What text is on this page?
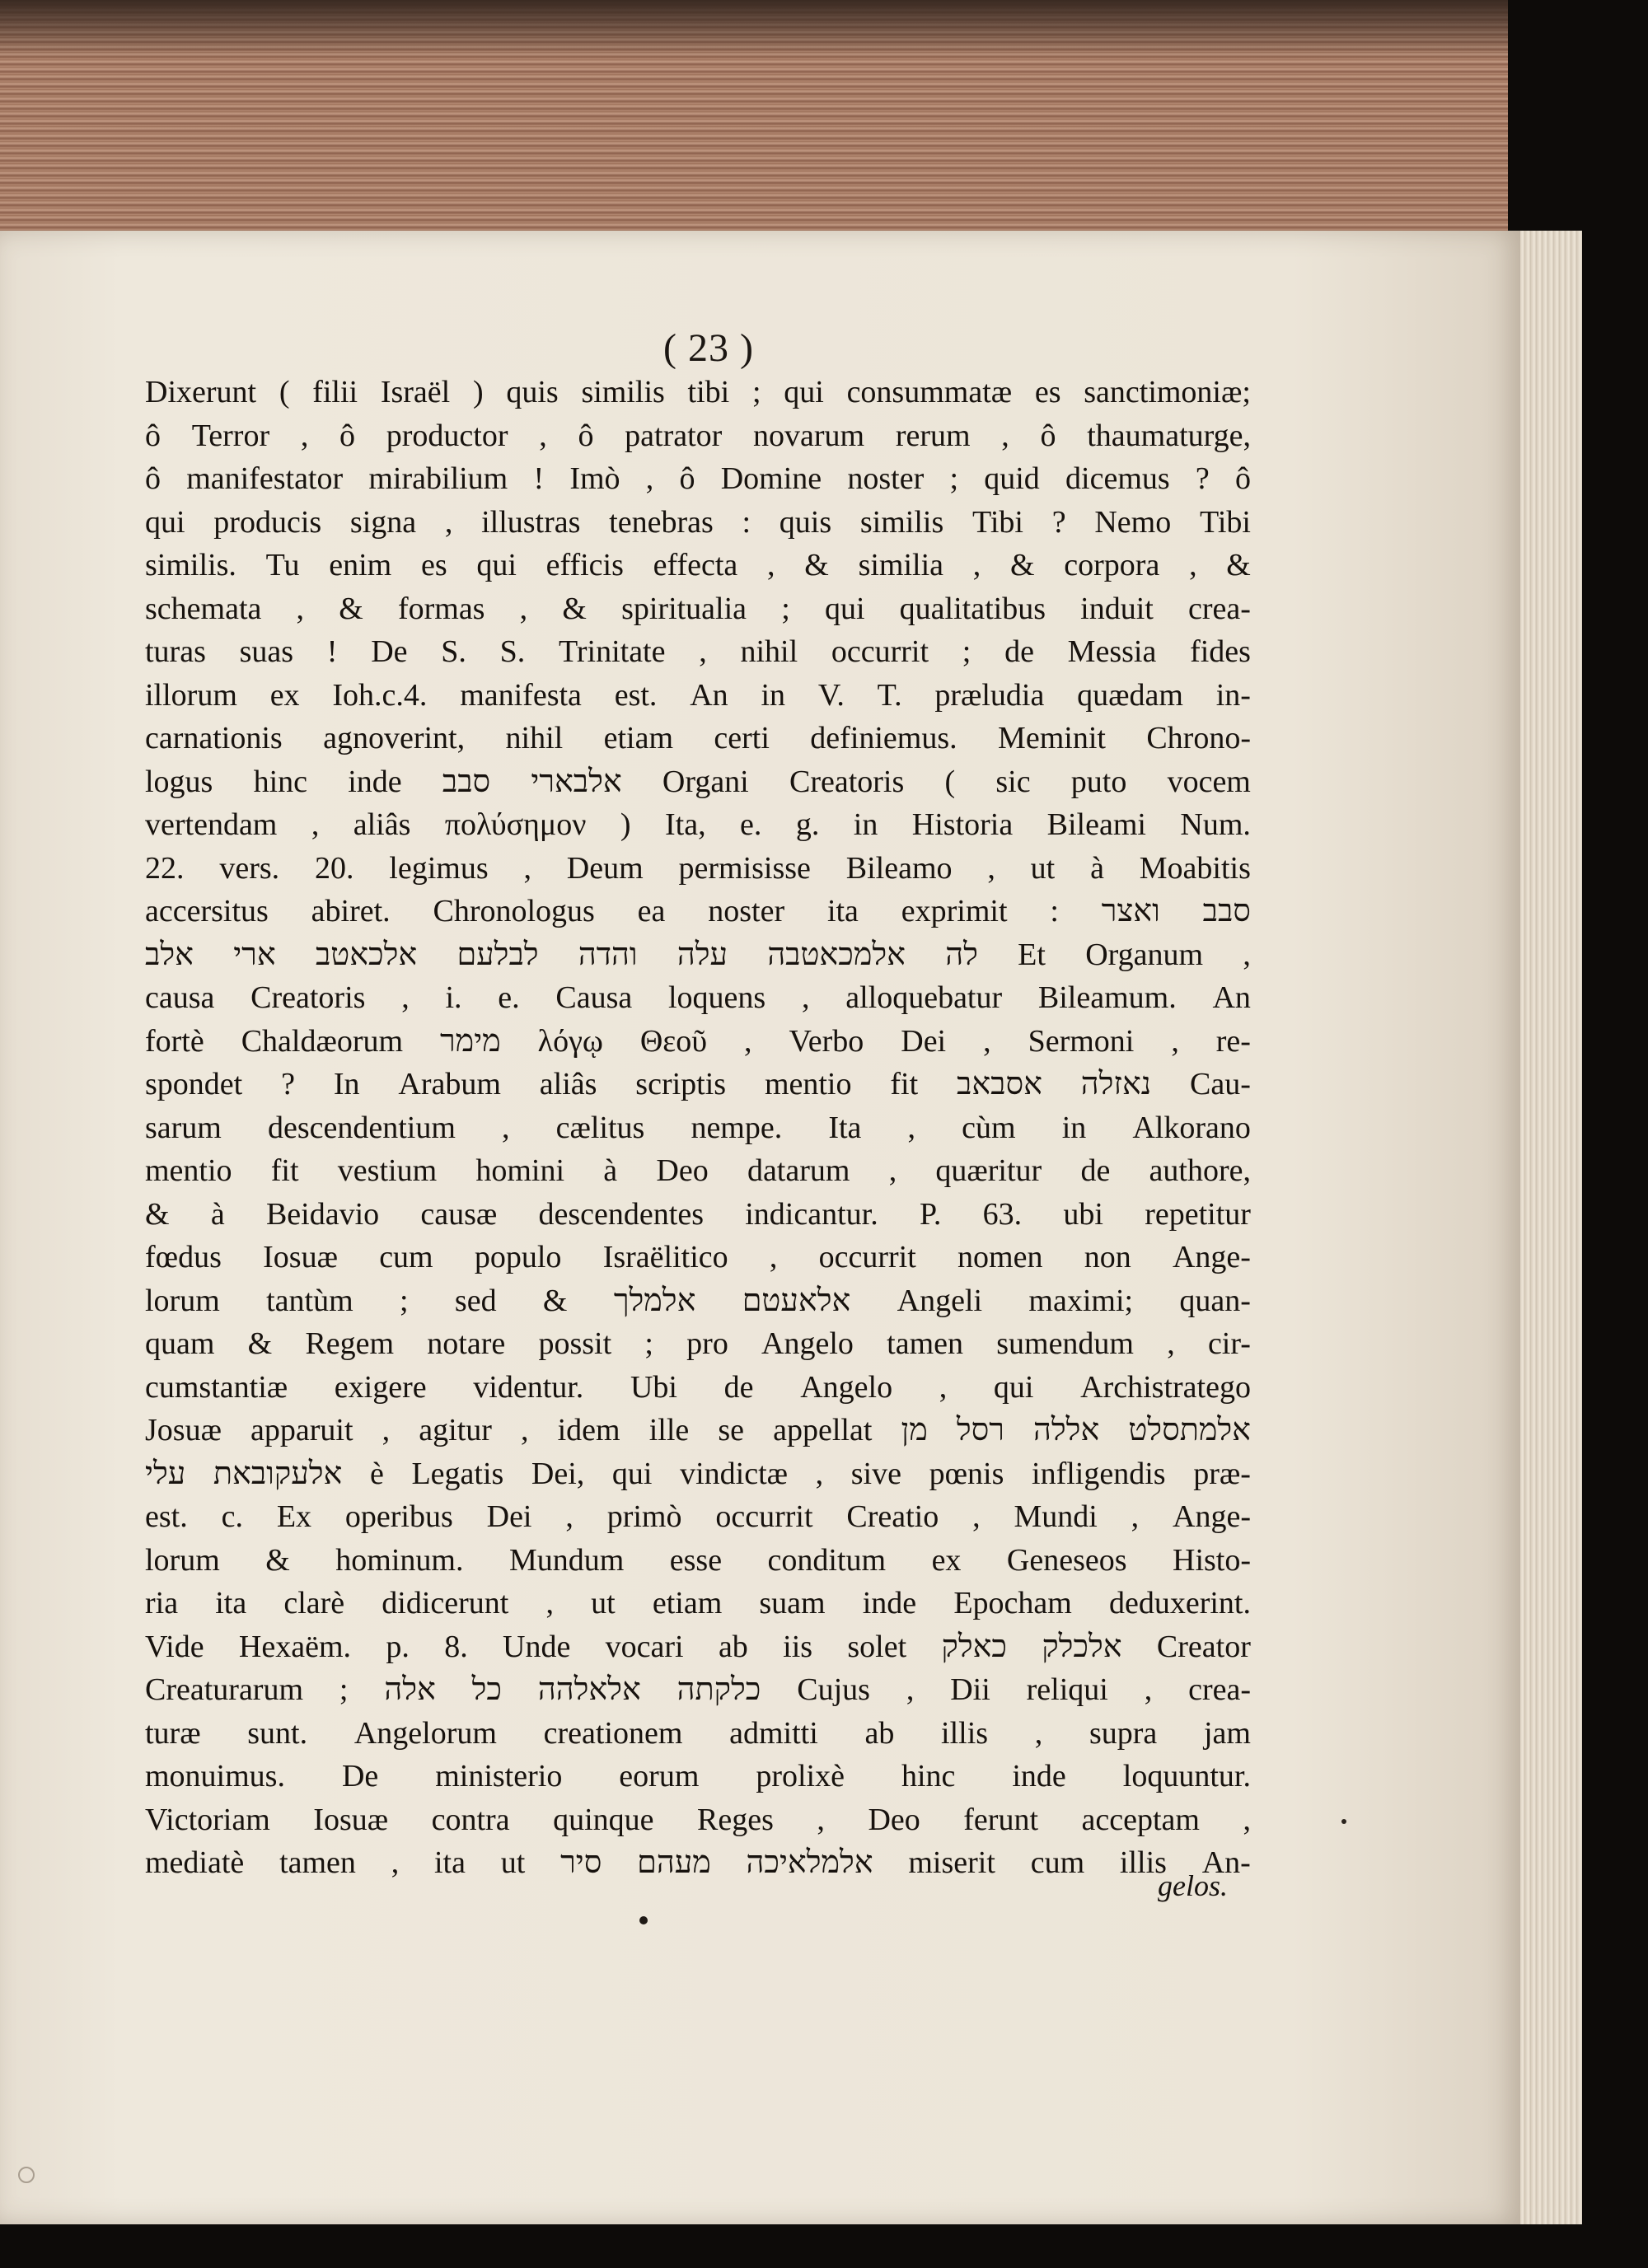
( 23 )
Dixerunt ( filii Israël ) quis similis tibi ; qui consummatæ es sanctimoniæ;
ô Terror , ô productor , ô patrator novarum rerum , ô thaumaturge,
ô manifestator mirabilium ! Imò , ô Domine noster ; quid dicemus ? ô
qui producis signa , illustras tenebras : quis similis Tibi ? Nemo Tibi
similis. Tu enim es qui efficis effecta , & similia , & corpora , &
schemata , & formas , & spiritualia ; qui qualitatibus induit crea-
turas suas ! De S. S. Trinitate , nihil occurrit ; de Messia fides
illorum ex Ioh.c.4. manifesta est. An in V. T. præludia quædam in-
carnationis agnoverint, nihil etiam certi definiemus. Meminit Chrono-
logus hinc inde סבב אלבארי Organi Creatoris ( sic puto vocem
vertendam , aliâs πολύσημον ) Ita, e. g. in Historia Bileami Num.
22. vers. 20. legimus , Deum permisisse Bileamo , ut à Moabitis
accersitus abiret. Chronologus ea noster ita exprimit : ואצר סבב
אלב ארי אלכאטב לבלעם והדה עלה אלמכאטבה לה Et Organum ,
causa Creatoris , i. e. Causa loquens , alloquebatur Bileamum. An
fortè Chaldæorum מימר λόγῳ Θεοῦ , Verbo Dei , Sermoni , re-
spondet ? In Arabum aliâs scriptis mentio fit אסבאב נאזלה Cau-
sarum descendentium , cælitus nempe. Ita , cùm in Alkorano
mentio fit vestium homini à Deo datarum , quæritur de authore,
& à Beidavio causæ descendentes indicantur. P. 63. ubi repetitur
fœdus Iosuæ cum populo Israëlitico , occurrit nomen non Ange-
lorum tantùm ; sed & אלמלך אלאעטם Angeli maximi; quan-
quam & Regem notare possit ; pro Angelo tamen sumendum , cir-
cumstantiæ exigere videntur. Ubi de Angelo , qui Archistratego
Josuæ apparuit , agitur , idem ille se appellat מן רסל אללה אלמתסלט
עלי אלעקובאת è Legatis Dei, qui vindictæ , sive pœnis infligendis præ-
est. c. Ex operibus Dei , primò occurrit Creatio , Mundi , Ange-
lorum & hominum. Mundum esse conditum ex Geneseos Histo-
ria ita clarè didicerunt , ut etiam suam inde Epocham deduxerint.
Vide Hexaëm. p. 8. Unde vocari ab iis solet כאלק אלכלק Creator
Creaturarum ; אלה כל אלאלהה כלקתה Cujus , Dii reliqui , crea-
turæ sunt. Angelorum creationem admitti ab illis , supra jam
monuimus. De ministerio eorum prolixè hinc inde loquuntur.
Victoriam Iosuæ contra quinque Reges , Deo ferunt acceptam ,
mediatè tamen , ita ut סיר מעהם אלמלאיכה miserit cum illis An-
gelos.
